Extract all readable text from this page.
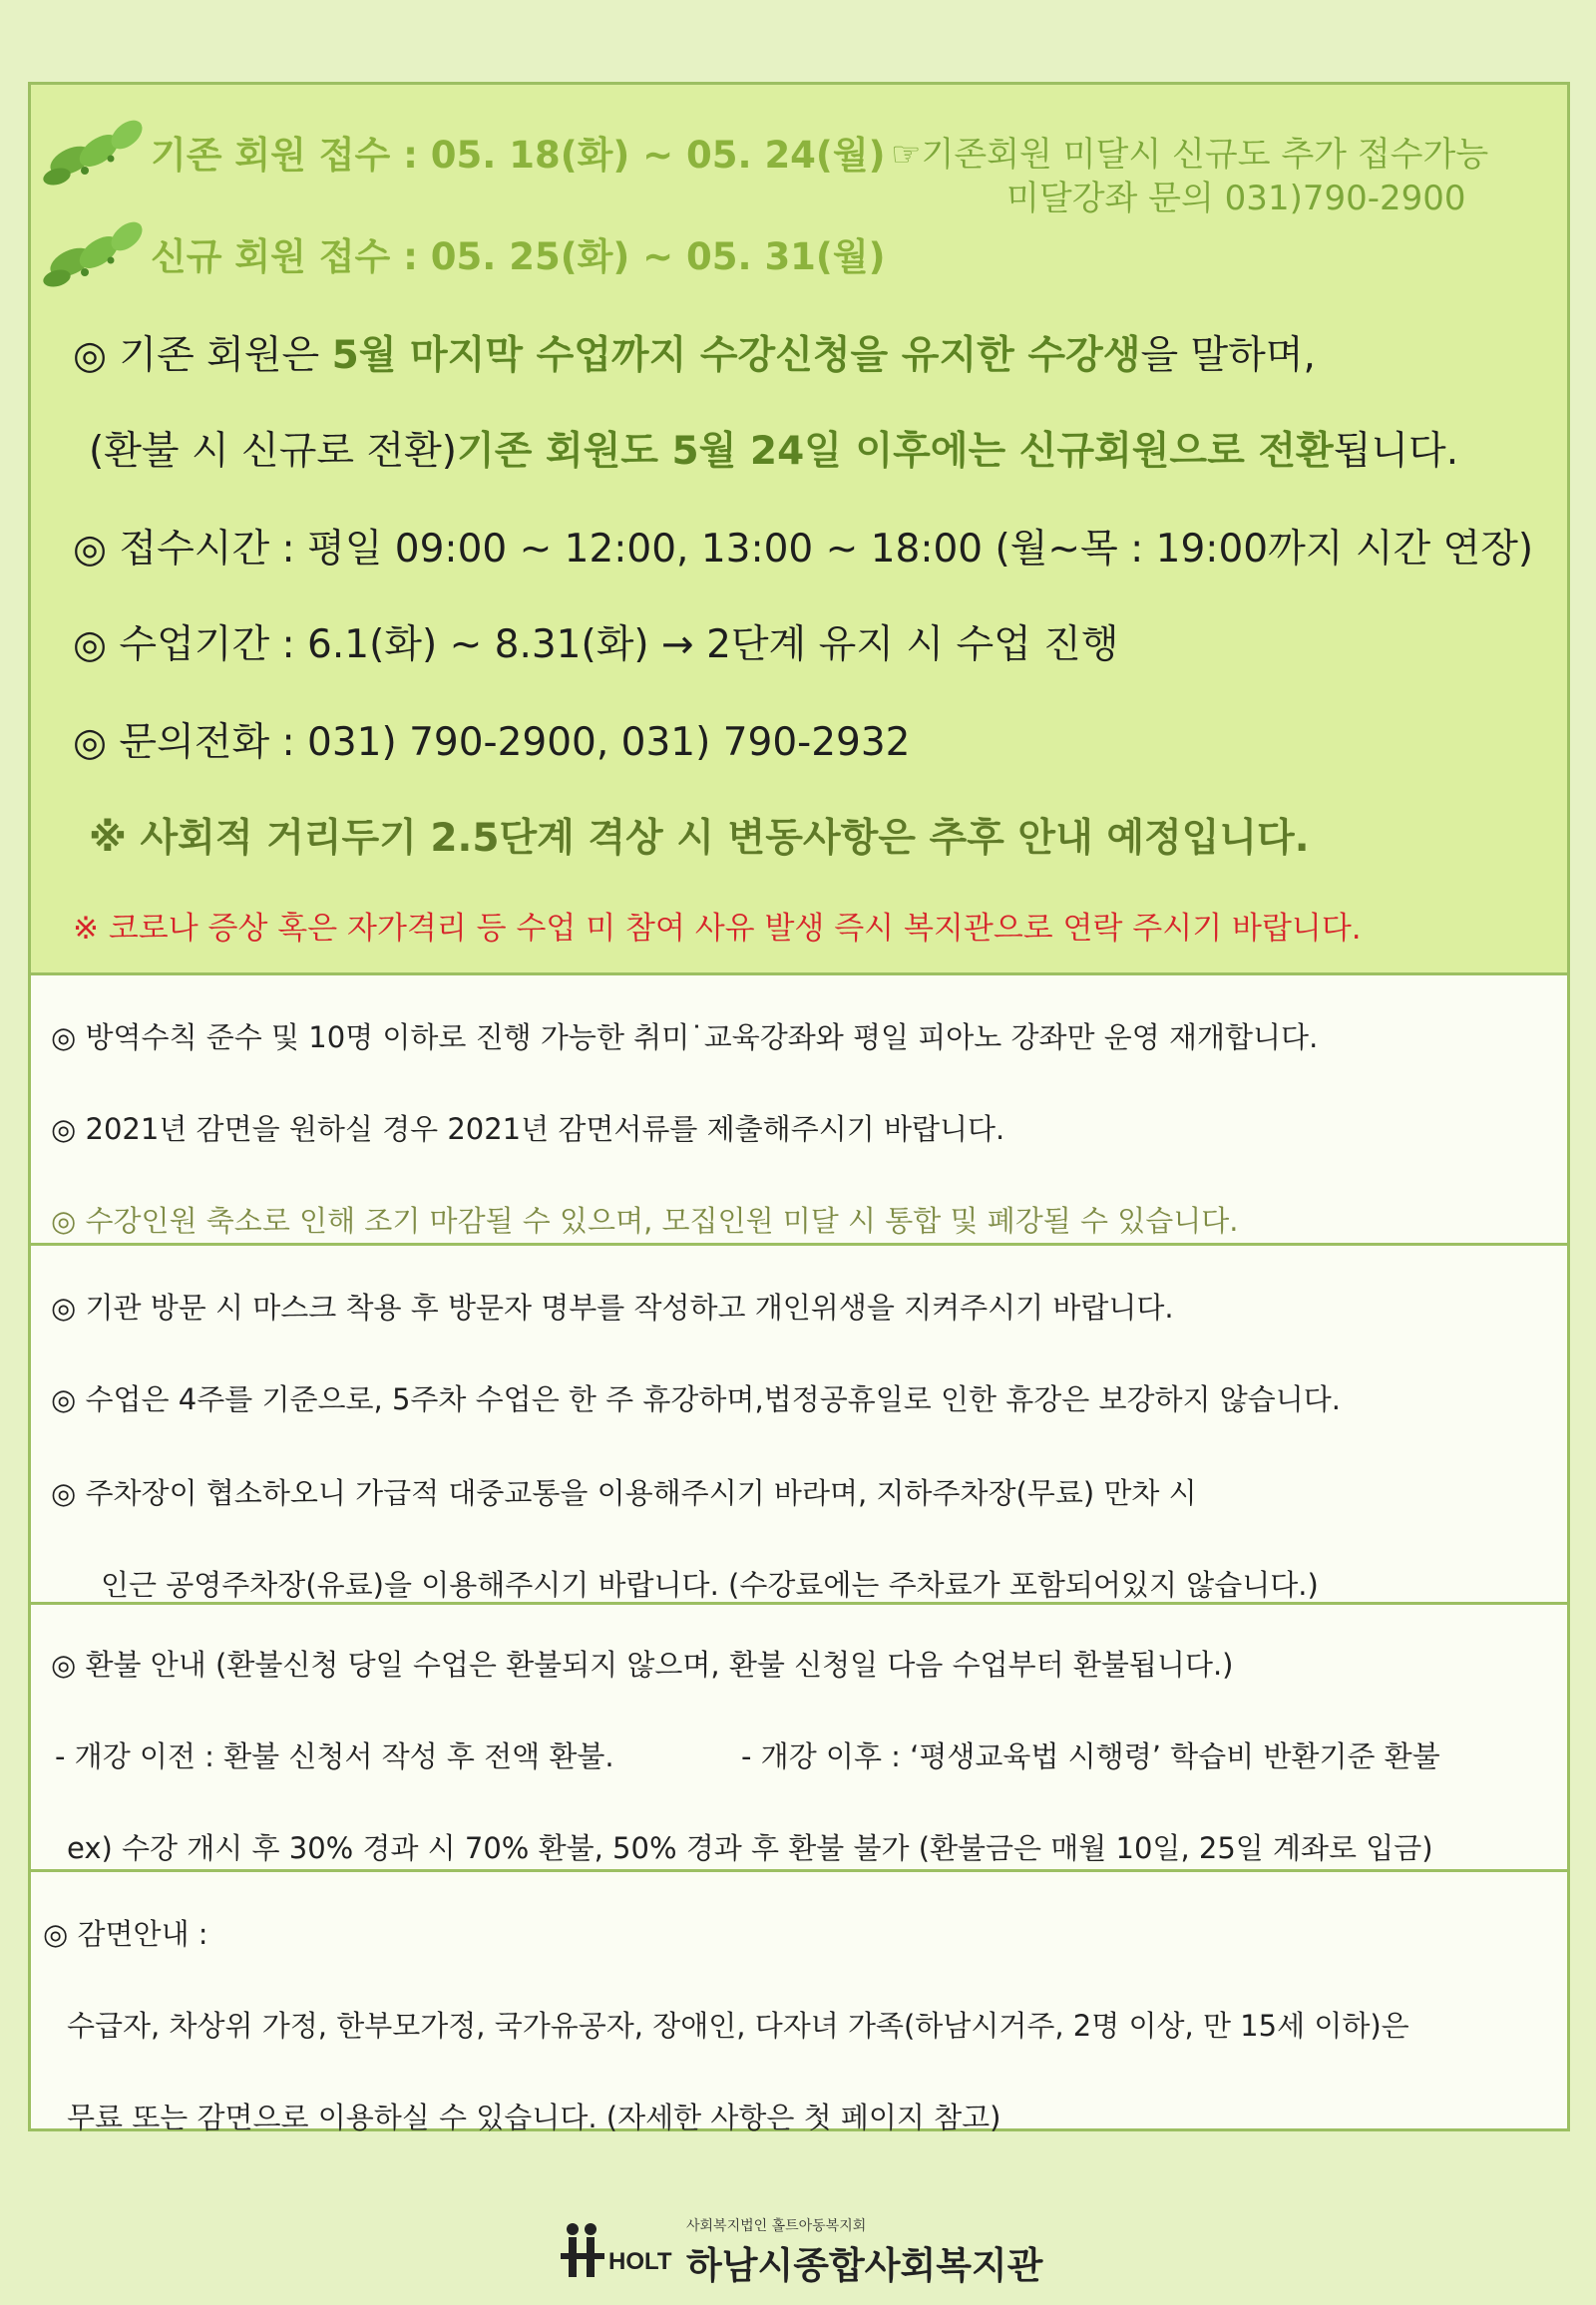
기존 회원 접수 : 05. 18(화) ~ 05. 24(월) ☞기존회원 미달시 신규도 추가 접수가능
미달강좌 문의 031)790-2900
신규 회원 접수 : 05. 25(화) ~ 05. 31(월)
◎ 기존 회원은 5월 마지막 수업까지 수강신청을 유지한 수강생을 말하며,
(환불 시 신규로 전환)기존 회원도 5월 24일 이후에는 신규회원으로 전환됩니다.
◎ 접수시간 : 평일 09:00 ~ 12:00, 13:00 ~ 18:00 (월~목 : 19:00까지 시간 연장)
◎ 수업기간 : 6.1(화) ~ 8.31(화) → 2단계 유지 시 수업 진행
◎ 문의전화 : 031) 790-2900, 031) 790-2932
※ 사회적 거리두기 2.5단계 격상 시 변동사항은 추후 안내 예정입니다.
※ 코로나 증상 혹은 자가격리 등 수업 미 참여 사유 발생 즉시 복지관으로 연락 주시기 바랍니다.
◎ 방역수칙 준수 및 10명 이하로 진행 가능한 취미˙교육강좌와 평일 피아노 강좌만 운영 재개합니다.
◎ 2021년 감면을 원하실 경우 2021년 감면서류를 제출해주시기 바랍니다.
◎ 수강인원 축소로 인해 조기 마감될 수 있으며, 모집인원 미달 시 통합 및 폐강될 수 있습니다.
◎ 기관 방문 시 마스크 착용 후 방문자 명부를 작성하고 개인위생을 지켜주시기 바랍니다.
◎ 수업은 4주를 기준으로, 5주차 수업은 한 주 휴강하며,법정공휴일로 인한 휴강은 보강하지 않습니다.
◎ 주차장이 협소하오니 가급적 대중교통을 이용해주시기 바라며, 지하주차장(무료) 만차 시
인근 공영주차장(유료)을 이용해주시기 바랍니다. (수강료에는 주차료가 포함되어있지 않습니다.)
◎ 환불 안내 (환불신청 당일 수업은 환불되지 않으며, 환불 신청일 다음 수업부터 환불됩니다.)
- 개강 이전 : 환불 신청서 작성 후 전액 환불.	- 개강 이후 : ‘평생교육법 시행령’ 학습비 반환기준 환불
ex) 수강 개시 후 30% 경과 시 70% 환불, 50% 경과 후 환불 불가 (환불금은 매월 10일, 25일 계좌로 입금)
◎ 감면안내 :
수급자, 차상위 가정, 한부모가정, 국가유공자, 장애인, 다자녀 가족(하남시거주, 2명 이상, 만 15세 이하)은
무료 또는 감면으로 이용하실 수 있습니다. (자세한 사항은 첫 페이지 참고)
HOLT
사회복지법인 홀트아동복지회
하남시종합사회복지관
